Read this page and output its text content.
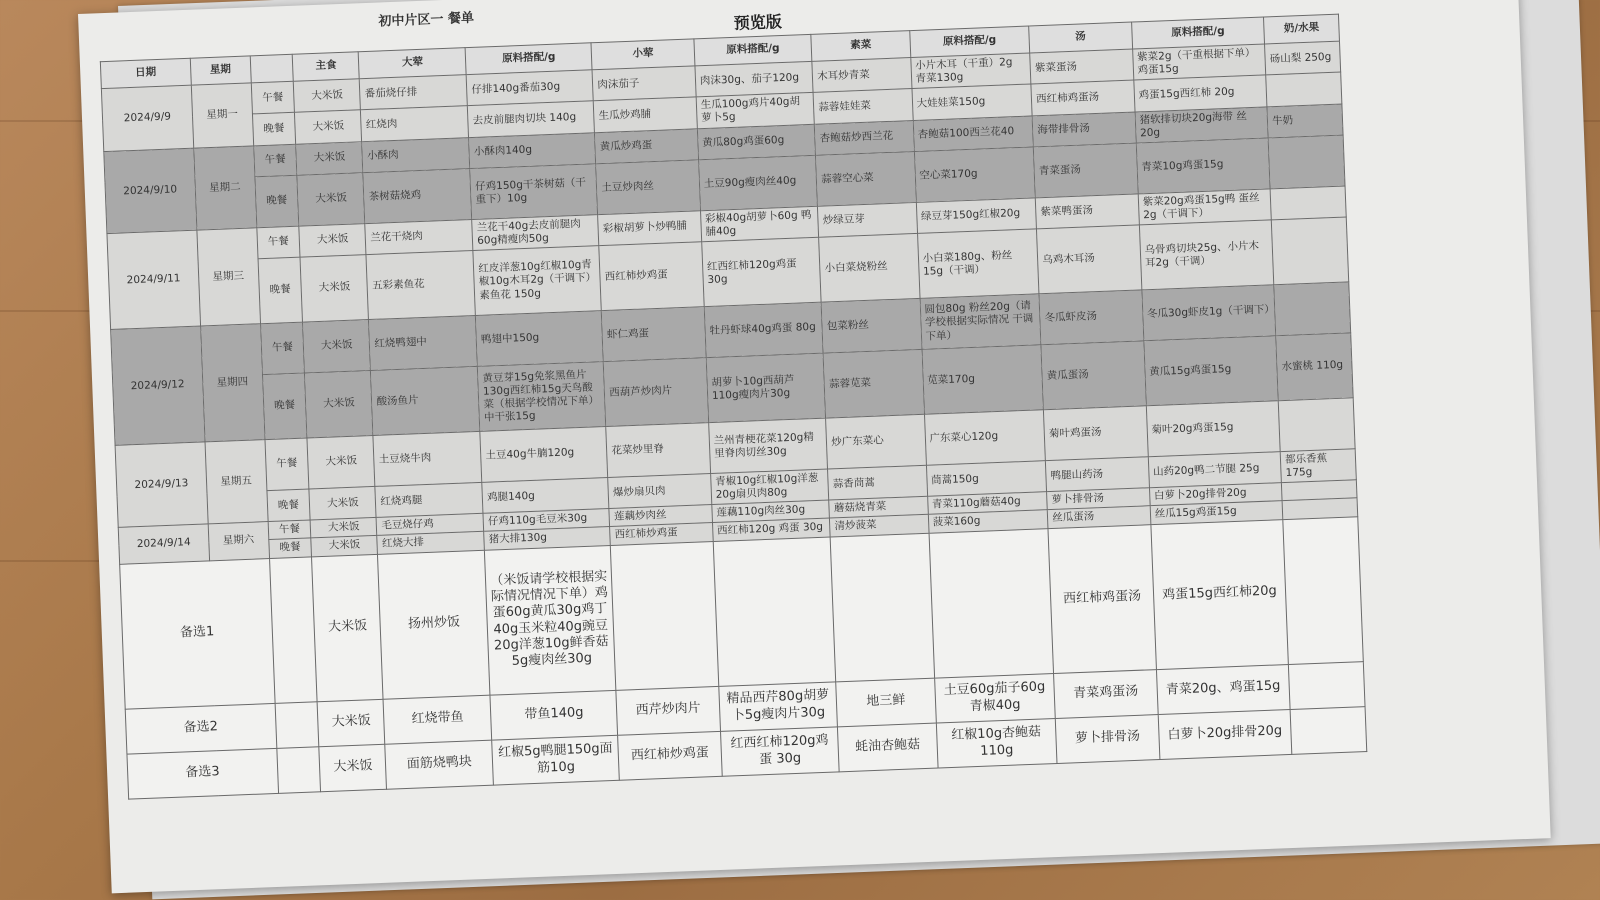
初中片区一 餐单	预览版
日期	星期		主食	大荤	原料搭配/g	小荤	原料搭配/g	素菜	原料搭配/g	汤	原料搭配/g	奶/水果
2024/9/9	星期一	午餐	大米饭	番茄烧仔排	仔排140g番茄30g	肉沫茄子	肉沫30g、茄子120g	木耳炒青菜	小片木耳（干重）2g 青菜130g	紫菜蛋汤	紫菜2g（干重根据下单）鸡蛋15g	砀山梨 250g
		晚餐	大米饭	红烧肉	去皮前腿肉切块 140g	生瓜炒鸡脯	生瓜100g鸡片40g胡萝卜5g	蒜蓉娃娃菜	大娃娃菜150g	西红柿鸡蛋汤	鸡蛋15g西红柿 20g	
2024/9/10	星期二	午餐	大米饭	小酥肉	小酥肉140g	黄瓜炒鸡蛋	黄瓜80g鸡蛋60g	杏鲍菇炒西兰花	杏鲍菇100西兰花40	海带排骨汤	猪软排切块20g海带 丝20g	牛奶
		晚餐	大米饭	茶树菇烧鸡	仔鸡150g干茶树菇（干重下）10g	土豆炒肉丝	土豆90g瘦肉丝40g	蒜蓉空心菜	空心菜170g	青菜蛋汤	青菜10g鸡蛋15g	
2024/9/11	星期三	午餐	大米饭	兰花干烧肉	兰花干40g去皮前腿肉60g精瘦肉50g	彩椒胡萝卜炒鸭脯	彩椒40g胡萝卜60g 鸭脯40g	炒绿豆芽	绿豆芽150g红椒20g	紫菜鸭蛋汤	紫菜20g鸡蛋15g鸭 蛋丝2g（干调下）	
		晚餐	大米饭	五彩素鱼花	红皮洋葱10g红椒10g青椒10g木耳2g（干调下）素鱼花 150g	西红柿炒鸡蛋	红西红柿120g鸡蛋 30g	小白菜烧粉丝	小白菜180g、粉丝 15g（干调）	乌鸡木耳汤	乌骨鸡切块25g、小片木耳2g（干调）	
2024/9/12	星期四	午餐	大米饭	红烧鸭翅中	鸭翅中150g	虾仁鸡蛋	牡丹虾球40g鸡蛋 80g	包菜粉丝	圆包80g 粉丝20g（请学校根据实际情况 干调下单）	冬瓜虾皮汤	冬瓜30g虾皮1g（干调下）	
		晚餐	大米饭	酸汤鱼片	黄豆芽15g免浆黑鱼片130g西红柿15g天鸟酸菜（根据学校情况下单）中干张15g	西葫芦炒肉片	胡萝卜10g西葫芦 110g瘦肉片30g	蒜蓉苋菜	苋菜170g	黄瓜蛋汤	黄瓜15g鸡蛋15g	水蜜桃 110g
2024/9/13	星期五	午餐	大米饭	土豆烧牛肉	土豆40g牛腩120g	花菜炒里脊	兰州青梗花菜120g精里脊肉切丝30g	炒广东菜心	广东菜心120g	菊叶鸡蛋汤	菊叶20g鸡蛋15g	
		晚餐	大米饭	红烧鸡腿	鸡腿140g	爆炒扇贝肉	青椒10g红椒10g洋葱20g扇贝肉80g	蒜香茼蒿	茼蒿150g	鸭腿山药汤	山药20g鸭二节腿 25g	都乐香蕉 175g
2024/9/14	星期六	午餐	大米饭	毛豆烧仔鸡	仔鸡110g毛豆米30g	莲藕炒肉丝	莲藕110g肉丝30g	蘑菇烧青菜	青菜110g蘑菇40g	萝卜排骨汤	白萝卜20g排骨20g	
		晚餐	大米饭	红烧大排	猪大排130g	西红柿炒鸡蛋	西红柿120g 鸡蛋 30g	清炒菠菜	菠菜160g	丝瓜蛋汤	丝瓜15g鸡蛋15g	
备选1			大米饭	扬州炒饭	（米饭请学校根据实际情况情况下单）鸡蛋60g黄瓜30g鸡丁40g玉米粒40g豌豆20g洋葱10g鲜香菇5g瘦肉丝30g					西红柿鸡蛋汤	鸡蛋15g西红柿20g	
备选2			大米饭	红烧带鱼	带鱼140g	西芹炒肉片	精品西芹80g胡萝卜5g瘦肉片30g	地三鲜	土豆60g茄子60g青椒40g	青菜鸡蛋汤	青菜20g、鸡蛋15g	
备选3			大米饭	面筋烧鸭块	红椒5g鸭腿150g面筋10g	西红柿炒鸡蛋	红西红柿120g鸡蛋 30g	蚝油杏鲍菇	红椒10g杏鲍菇 110g	萝卜排骨汤	白萝卜20g排骨20g	
